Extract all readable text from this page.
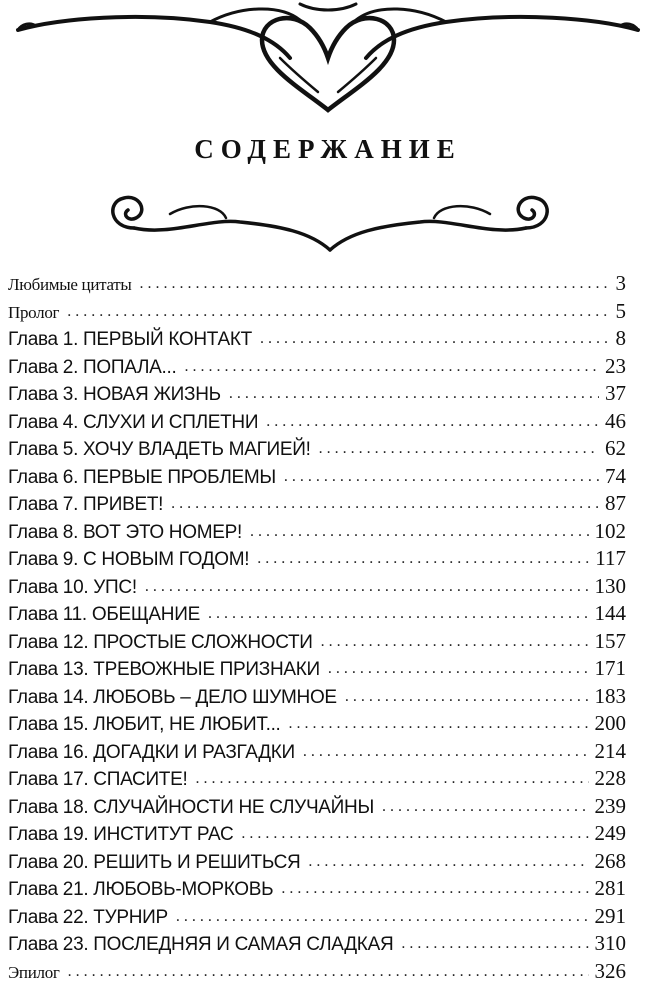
СОДЕРЖАНИЕ
Любимые цитаты . . .	3
Пролог . . .	5
Глава 1. ПЕРВЫЙ КОНТАКТ . . .	8
Глава 2. ПОПАЛА... . . .	23
Глава 3. НОВАЯ ЖИЗНЬ . . .	37
Глава 4. СЛУХИ И СПЛЕТНИ . . .	46
Глава 5. ХОЧУ ВЛАДЕТЬ МАГИЕЙ! . . .	62
Глава 6. ПЕРВЫЕ ПРОБЛЕМЫ . . .	74
Глава 7. ПРИВЕТ! . . .	87
Глава 8. ВОТ ЭТО НОМЕР! . . .	102
Глава 9. С НОВЫМ ГОДОМ! . . .	117
Глава 10. УПС! . . .	130
Глава 11. ОБЕЩАНИЕ . . .	144
Глава 12. ПРОСТЫЕ СЛОЖНОСТИ . . .	157
Глава 13. ТРЕВОЖНЫЕ ПРИЗНАКИ . . .	171
Глава 14. ЛЮБОВЬ – ДЕЛО ШУМНОЕ . . .	183
Глава 15. ЛЮБИТ, НЕ ЛЮБИТ... . . .	200
Глава 16. ДОГАДКИ И РАЗГАДКИ . . .	214
Глава 17. СПАСИТЕ! . . .	228
Глава 18. СЛУЧАЙНОСТИ НЕ СЛУЧАЙНЫ . . .	239
Глава 19. ИНСТИТУТ РАС . . .	249
Глава 20. РЕШИТЬ И РЕШИТЬСЯ . . .	268
Глава 21. ЛЮБОВЬ-МОРКОВЬ . . .	281
Глава 22. ТУРНИР . . .	291
Глава 23. ПОСЛЕДНЯЯ И САМАЯ СЛАДКАЯ . . .	310
Эпилог . . .	326
